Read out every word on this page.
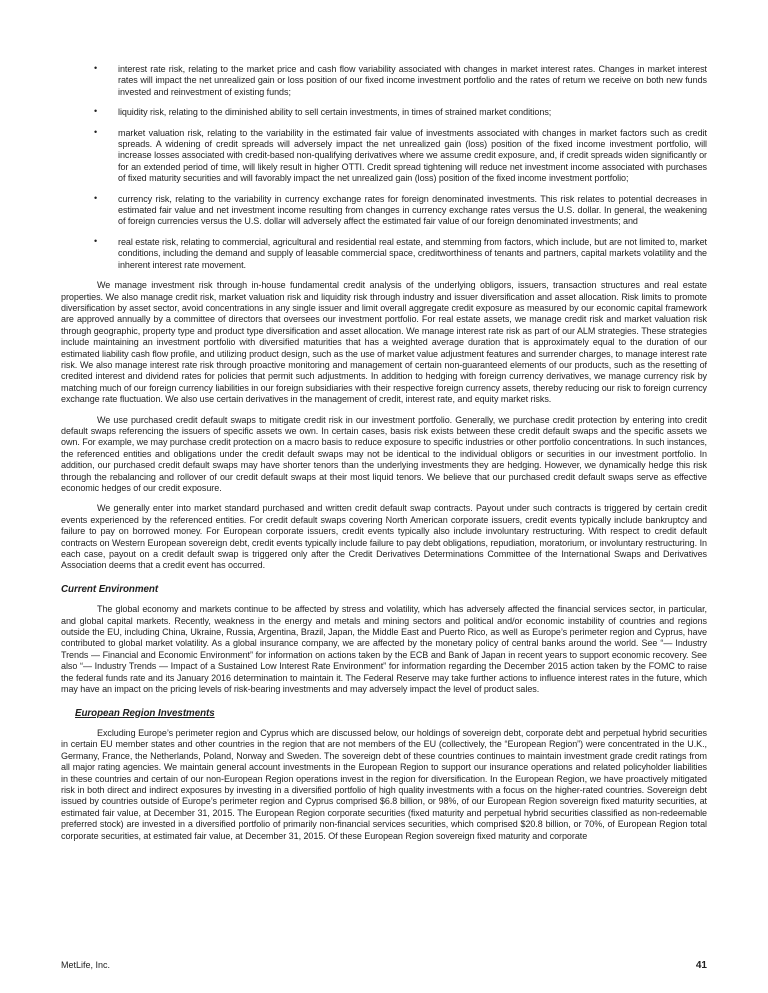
• interest rate risk, relating to the market price and cash flow variability associated with changes in market interest rates. Changes in market interest rates will impact the net unrealized gain or loss position of our fixed income investment portfolio and the rates of return we receive on both new funds invested and reinvestment of existing funds;
• liquidity risk, relating to the diminished ability to sell certain investments, in times of strained market conditions;
• market valuation risk, relating to the variability in the estimated fair value of investments associated with changes in market factors such as credit spreads. A widening of credit spreads will adversely impact the net unrealized gain (loss) position of the fixed income investment portfolio, will increase losses associated with credit-based non-qualifying derivatives where we assume credit exposure, and, if credit spreads widen significantly or for an extended period of time, will likely result in higher OTTI. Credit spread tightening will reduce net investment income associated with purchases of fixed maturity securities and will favorably impact the net unrealized gain (loss) position of the fixed income investment portfolio;
• currency risk, relating to the variability in currency exchange rates for foreign denominated investments. This risk relates to potential decreases in estimated fair value and net investment income resulting from changes in currency exchange rates versus the U.S. dollar. In general, the weakening of foreign currencies versus the U.S. dollar will adversely affect the estimated fair value of our foreign denominated investments; and
• real estate risk, relating to commercial, agricultural and residential real estate, and stemming from factors, which include, but are not limited to, market conditions, including the demand and supply of leasable commercial space, creditworthiness of tenants and partners, capital markets volatility and the inherent interest rate movement.
We manage investment risk through in-house fundamental credit analysis of the underlying obligors, issuers, transaction structures and real estate properties. We also manage credit risk, market valuation risk and liquidity risk through industry and issuer diversification and asset allocation. Risk limits to promote diversification by asset sector, avoid concentrations in any single issuer and limit overall aggregate credit exposure as measured by our economic capital framework are approved annually by a committee of directors that oversees our investment portfolio. For real estate assets, we manage credit risk and market valuation risk through geographic, property type and product type diversification and asset allocation. We manage interest rate risk as part of our ALM strategies. These strategies include maintaining an investment portfolio with diversified maturities that has a weighted average duration that is approximately equal to the duration of our estimated liability cash flow profile, and utilizing product design, such as the use of market value adjustment features and surrender charges, to manage interest rate risk. We also manage interest rate risk through proactive monitoring and management of certain non-guaranteed elements of our products, such as the resetting of credited interest and dividend rates for policies that permit such adjustments. In addition to hedging with foreign currency derivatives, we manage currency risk by matching much of our foreign currency liabilities in our foreign subsidiaries with their respective foreign currency assets, thereby reducing our risk to foreign currency exchange rate fluctuation. We also use certain derivatives in the management of credit, interest rate, and equity market risks.
We use purchased credit default swaps to mitigate credit risk in our investment portfolio. Generally, we purchase credit protection by entering into credit default swaps referencing the issuers of specific assets we own. In certain cases, basis risk exists between these credit default swaps and the specific assets we own. For example, we may purchase credit protection on a macro basis to reduce exposure to specific industries or other portfolio concentrations. In such instances, the referenced entities and obligations under the credit default swaps may not be identical to the individual obligors or securities in our investment portfolio. In addition, our purchased credit default swaps may have shorter tenors than the underlying investments they are hedging. However, we dynamically hedge this risk through the rebalancing and rollover of our credit default swaps at their most liquid tenors. We believe that our purchased credit default swaps serve as effective economic hedges of our credit exposure.
We generally enter into market standard purchased and written credit default swap contracts. Payout under such contracts is triggered by certain credit events experienced by the referenced entities. For credit default swaps covering North American corporate issuers, credit events typically include bankruptcy and failure to pay on borrowed money. For European corporate issuers, credit events typically also include involuntary restructuring. With respect to credit default contracts on Western European sovereign debt, credit events typically include failure to pay debt obligations, repudiation, moratorium, or involuntary restructuring. In each case, payout on a credit default swap is triggered only after the Credit Derivatives Determinations Committee of the International Swaps and Derivatives Association deems that a credit event has occurred.
Current Environment
The global economy and markets continue to be affected by stress and volatility, which has adversely affected the financial services sector, in particular, and global capital markets. Recently, weakness in the energy and metals and mining sectors and political and/or economic instability of countries and regions outside the EU, including China, Ukraine, Russia, Argentina, Brazil, Japan, the Middle East and Puerto Rico, as well as Europe’s perimeter region and Cyprus, have contributed to global market volatility. As a global insurance company, we are affected by the monetary policy of central banks around the world. See “— Industry Trends — Financial and Economic Environment” for information on actions taken by the ECB and Bank of Japan in recent years to support economic recovery. See also “— Industry Trends — Impact of a Sustained Low Interest Rate Environment” for information regarding the December 2015 action taken by the FOMC to raise the federal funds rate and its January 2016 determination to maintain it. The Federal Reserve may take further actions to influence interest rates in the future, which may have an impact on the pricing levels of risk-bearing investments and may adversely impact the level of product sales.
European Region Investments
Excluding Europe’s perimeter region and Cyprus which are discussed below, our holdings of sovereign debt, corporate debt and perpetual hybrid securities in certain EU member states and other countries in the region that are not members of the EU (collectively, the “European Region”) were concentrated in the U.K., Germany, France, the Netherlands, Poland, Norway and Sweden. The sovereign debt of these countries continues to maintain investment grade credit ratings from all major rating agencies. We maintain general account investments in the European Region to support our insurance operations and related policyholder liabilities in these countries and certain of our non-European Region operations invest in the region for diversification. In the European Region, we have proactively mitigated risk in both direct and indirect exposures by investing in a diversified portfolio of high quality investments with a focus on the higher-rated countries. Sovereign debt issued by countries outside of Europe’s perimeter region and Cyprus comprised $6.8 billion, or 98%, of our European Region sovereign fixed maturity securities, at estimated fair value, at December 31, 2015. The European Region corporate securities (fixed maturity and perpetual hybrid securities classified as non-redeemable preferred stock) are invested in a diversified portfolio of primarily non-financial services securities, which comprised $20.8 billion, or 70%, of European Region total corporate securities, at estimated fair value, at December 31, 2015. Of these European Region sovereign fixed maturity and corporate
MetLife, Inc.	41
